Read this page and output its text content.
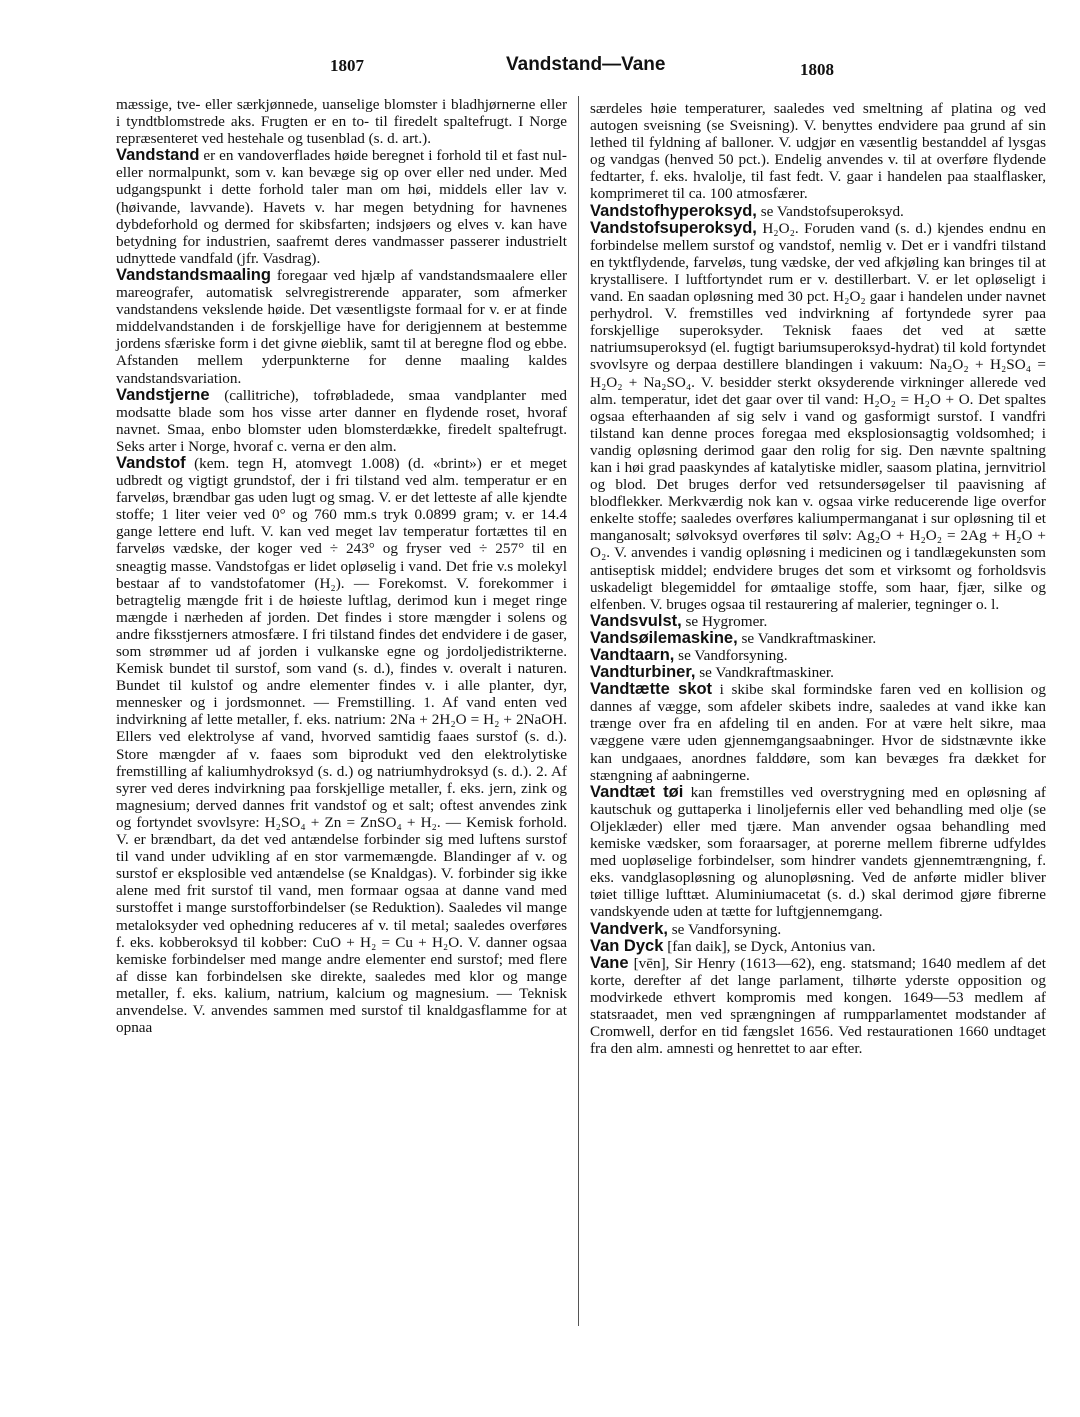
1807	Vandstand—Vane	1808

mæssige, tve- eller særkjønnede, uanselige blomster i bladhjørnerne eller i tyndtblomstrede aks. Frugten er en to- til firedelt spaltefrugt. I Norge repræsenteret ved hestehale og tusenblad (s. d. art.).

Vandstand er en vandoverflades høide beregnet i forhold til et fast nul- eller normalpunkt, som v. kan bevæge sig op over eller ned under. Med udgangspunkt i dette forhold taler man om høi, middels eller lav v. (høivande, lavvande). Havets v. har megen betydning for havnenes dybdeforhold og dermed for skibsfarten; indsjøers og elves v. kan have betydning for industrien, saafremt deres vandmasser passerer industrielt udnyttede vandfald (jfr. Vasdrag).

Vandstandsmaaling foregaar ved hjælp af vandstandsmaalere eller mareografer, automatisk selvregistrerende apparater, som afmerker vandstandens vekslende høide. Det væsentligste formaal for v. er at finde middelvandstanden i de forskjellige have for derigjennem at bestemme jordens sfæriske form i det givne øieblik, samt til at beregne flod og ebbe. Afstanden mellem yderpunkterne for denne maaling kaldes vandstandsvariation.

Vandstjerne (callitriche), tofrøbladede, smaa vandplanter med modsatte blade som hos visse arter danner en flydende roset, hvoraf navnet. Smaa, enbo blomster uden blomsterdække, firedelt spaltefrugt. Seks arter i Norge, hvoraf c. verna er den alm.

Vandstof (kem. tegn H, atomvegt 1.008) (d. «brint») er et meget udbredt og vigtigt grundstof, der i fri tilstand ved alm. temperatur er en farveløs, brændbar gas uden lugt og smag. V. er det letteste af alle kjendte stoffe; 1 liter veier ved 0° og 760 mm.s tryk 0.0899 gram; v. er 14.4 gange lettere end luft. V. kan ved meget lav temperatur fortættes til en farveløs vædske, der koger ved ÷ 243° og fryser ved ÷ 257° til en sneagtig masse. Vandstofgas er lidet opløselig i vand. Det frie v.s molekyl bestaar af to vandstofatomer (H₂). — Forekomst. V. forekommer i betragtelig mængde frit i de høieste luftlag, derimod kun i meget ringe mængde i nærheden af jorden. Det findes i store mængder i solens og andre fiksstjerners atmosfære. I fri tilstand findes det endvidere i de gaser, som strømmer ud af jorden i vulkanske egne og jordoljedistrikterne. Kemisk bundet til surstof, som vand (s. d.), findes v. overalt i naturen. Bundet til kulstof og andre elementer findes v. i alle planter, dyr, mennesker og i jordsmonnet. — Fremstilling. 1. Af vand enten ved indvirkning af lette metaller, f. eks. natrium: 2Na + 2H₂O = H₂ + 2NaOH. Ellers ved elektrolyse af vand, hvorved samtidig faaes surstof (s. d.). Store mængder af v. faaes som biprodukt ved den elektrolytiske fremstilling af kaliumhydroksyd (s. d.) og natriumhydroksyd (s. d.). 2. Af syrer ved deres indvirkning paa forskjellige metaller, f. eks. jern, zink og magnesium; derved dannes frit vandstof og et salt; oftest anvendes zink og fortyndet svovlsyre: H₂SO₄ + Zn = ZnSO₄ + H₂. — Kemisk forhold. V. er brændbart, da det ved antændelse forbinder sig med luftens surstof til vand under udvikling af en stor varmemængde. Blandinger af v. og surstof er eksplosible ved antændelse (se Knaldgas). V. forbinder sig ikke alene med frit surstof til vand, men formaar ogsaa at danne vand med surstoffet i mange surstofforbindelser (se Reduktion). Saaledes vil mange metaloksyder ved ophedning reduceres af v. til metal; saaledes overføres f. eks. kobberoksyd til kobber: CuO + H₂ = Cu + H₂O. V. danner ogsaa kemiske forbindelser med mange andre elementer end surstof; med flere af disse kan forbindelsen ske direkte, saaledes med klor og mange metaller, f. eks. kalium, natrium, kalcium og magnesium. — Teknisk anvendelse. V. anvendes sammen med surstof til knaldgasflamme for at opnaa

særdeles høie temperaturer, saaledes ved smeltning af platina og ved autogen sveisning (se Sveisning). V. benyttes endvidere paa grund af sin lethed til fyldning af balloner. V. udgjør en væsentlig bestanddel af lysgas og vandgas (henved 50 pct.). Endelig anvendes v. til at overføre flydende fedtarter, f. eks. hvalolje, til fast fedt. V. gaar i handelen paa staalflasker, komprimeret til ca. 100 atmosfærer.

Vandstofhyperoksyd, se Vandstofsuperoksyd.

Vandstofsuperoksyd, H₂O₂. Foruden vand (s. d.) kjendes endnu en forbindelse mellem surstof og vandstof, nemlig v. Det er i vandfri tilstand en tyktflydende, farveløs, tung vædske, der ved afkjøling kan bringes til at krystallisere. I luftfortyndet rum er v. destillerbart. V. er let opløseligt i vand. En saadan opløsning med 30 pct. H₂O₂ gaar i handelen under navnet perhydrol. V. fremstilles ved indvirkning af fortyndede syrer paa forskjellige superoksyder. Teknisk faaes det ved at sætte natriumsuperoksyd (el. fugtigt bariumsuperoksyd-hydrat) til kold fortyndet svovlsyre og derpaa destillere blandingen i vakuum: Na₂O₂ + H₂SO₄ = H₂O₂ + Na₂SO₄. V. besidder sterkt oksyderende virkninger allerede ved alm. temperatur, idet det gaar over til vand: H₂O₂ = H₂O + O. Det spaltes ogsaa efterhaanden af sig selv i vand og gasformigt surstof. I vandfri tilstand kan denne proces foregaa med eksplosionsagtig voldsomhed; i vandig opløsning derimod gaar den rolig for sig. Den nævnte spaltning kan i høi grad paaskyndes af katalytiske midler, saasom platina, jernvitriol og blod. Det bruges derfor ved retsundersøgelser til paavisning af blodflekker. Merkværdig nok kan v. ogsaa virke reducerende lige overfor enkelte stoffe; saaledes overføres kaliumpermanganat i sur opløsning til et manganosalt; sølvoksyd overføres til sølv: Ag₂O + H₂O₂ = 2Ag + H₂O + O₂. V. anvendes i vandig opløsning i medicinen og i tandlægekunsten som antiseptisk middel; endvidere bruges det som et virksomt og forholdsvis uskadeligt blegemiddel for ømtaalige stoffe, som haar, fjær, silke og elfenben. V. bruges ogsaa til restaurering af malerier, tegninger o. l.

Vandsvulst, se Hygromer.

Vandsøilemaskine, se Vandkraftmaskiner.

Vandtaarn, se Vandforsyning.

Vandturbiner, se Vandkraftmaskiner.

Vandtætte skot i skibe skal formindske faren ved en kollision og dannes af vægge, som afdeler skibets indre, saaledes at vand ikke kan trænge over fra en afdeling til en anden. For at være helt sikre, maa væggene være uden gjennemgangsaabninger. Hvor de sidstnævnte ikke kan undgaaes, anordnes falddøre, som kan bevæges fra dækket for stængning af aabningerne.

Vandtæt tøi kan fremstilles ved overstrygning med en opløsning af kautschuk og guttaperka i linoljefernis eller ved behandling med olje (se Oljeklæder) eller med tjære. Man anvender ogsaa behandling med kemiske vædsker, som foraarsager, at porerne mellem fibrerne udfyldes med uopløselige forbindelser, som hindrer vandets gjennemtrængning, f. eks. vandglasopløsning og alunopløsning. Ved de anførte midler bliver tøiet tillige lufttæt. Aluminiumacetat (s. d.) skal derimod gjøre fibrerne vandskyende uden at tætte for luftgjennemgang.

Vandverk, se Vandforsyning.

Van Dyck [fan daik], se Dyck, Antonius van.

Vane [vēn], Sir Henry (1613—62), eng. statsmand; 1640 medlem af det korte, derefter af det lange parlament, tilhørte yderste opposition og modvirkede ethvert kompromis med kongen. 1649—53 medlem af statsraadet, men ved sprængningen af rumpparlamentet modstander af Cromwell, derfor en tid fængslet 1656. Ved restaurationen 1660 undtaget fra den alm. amnesti og henrettet to aar efter.
